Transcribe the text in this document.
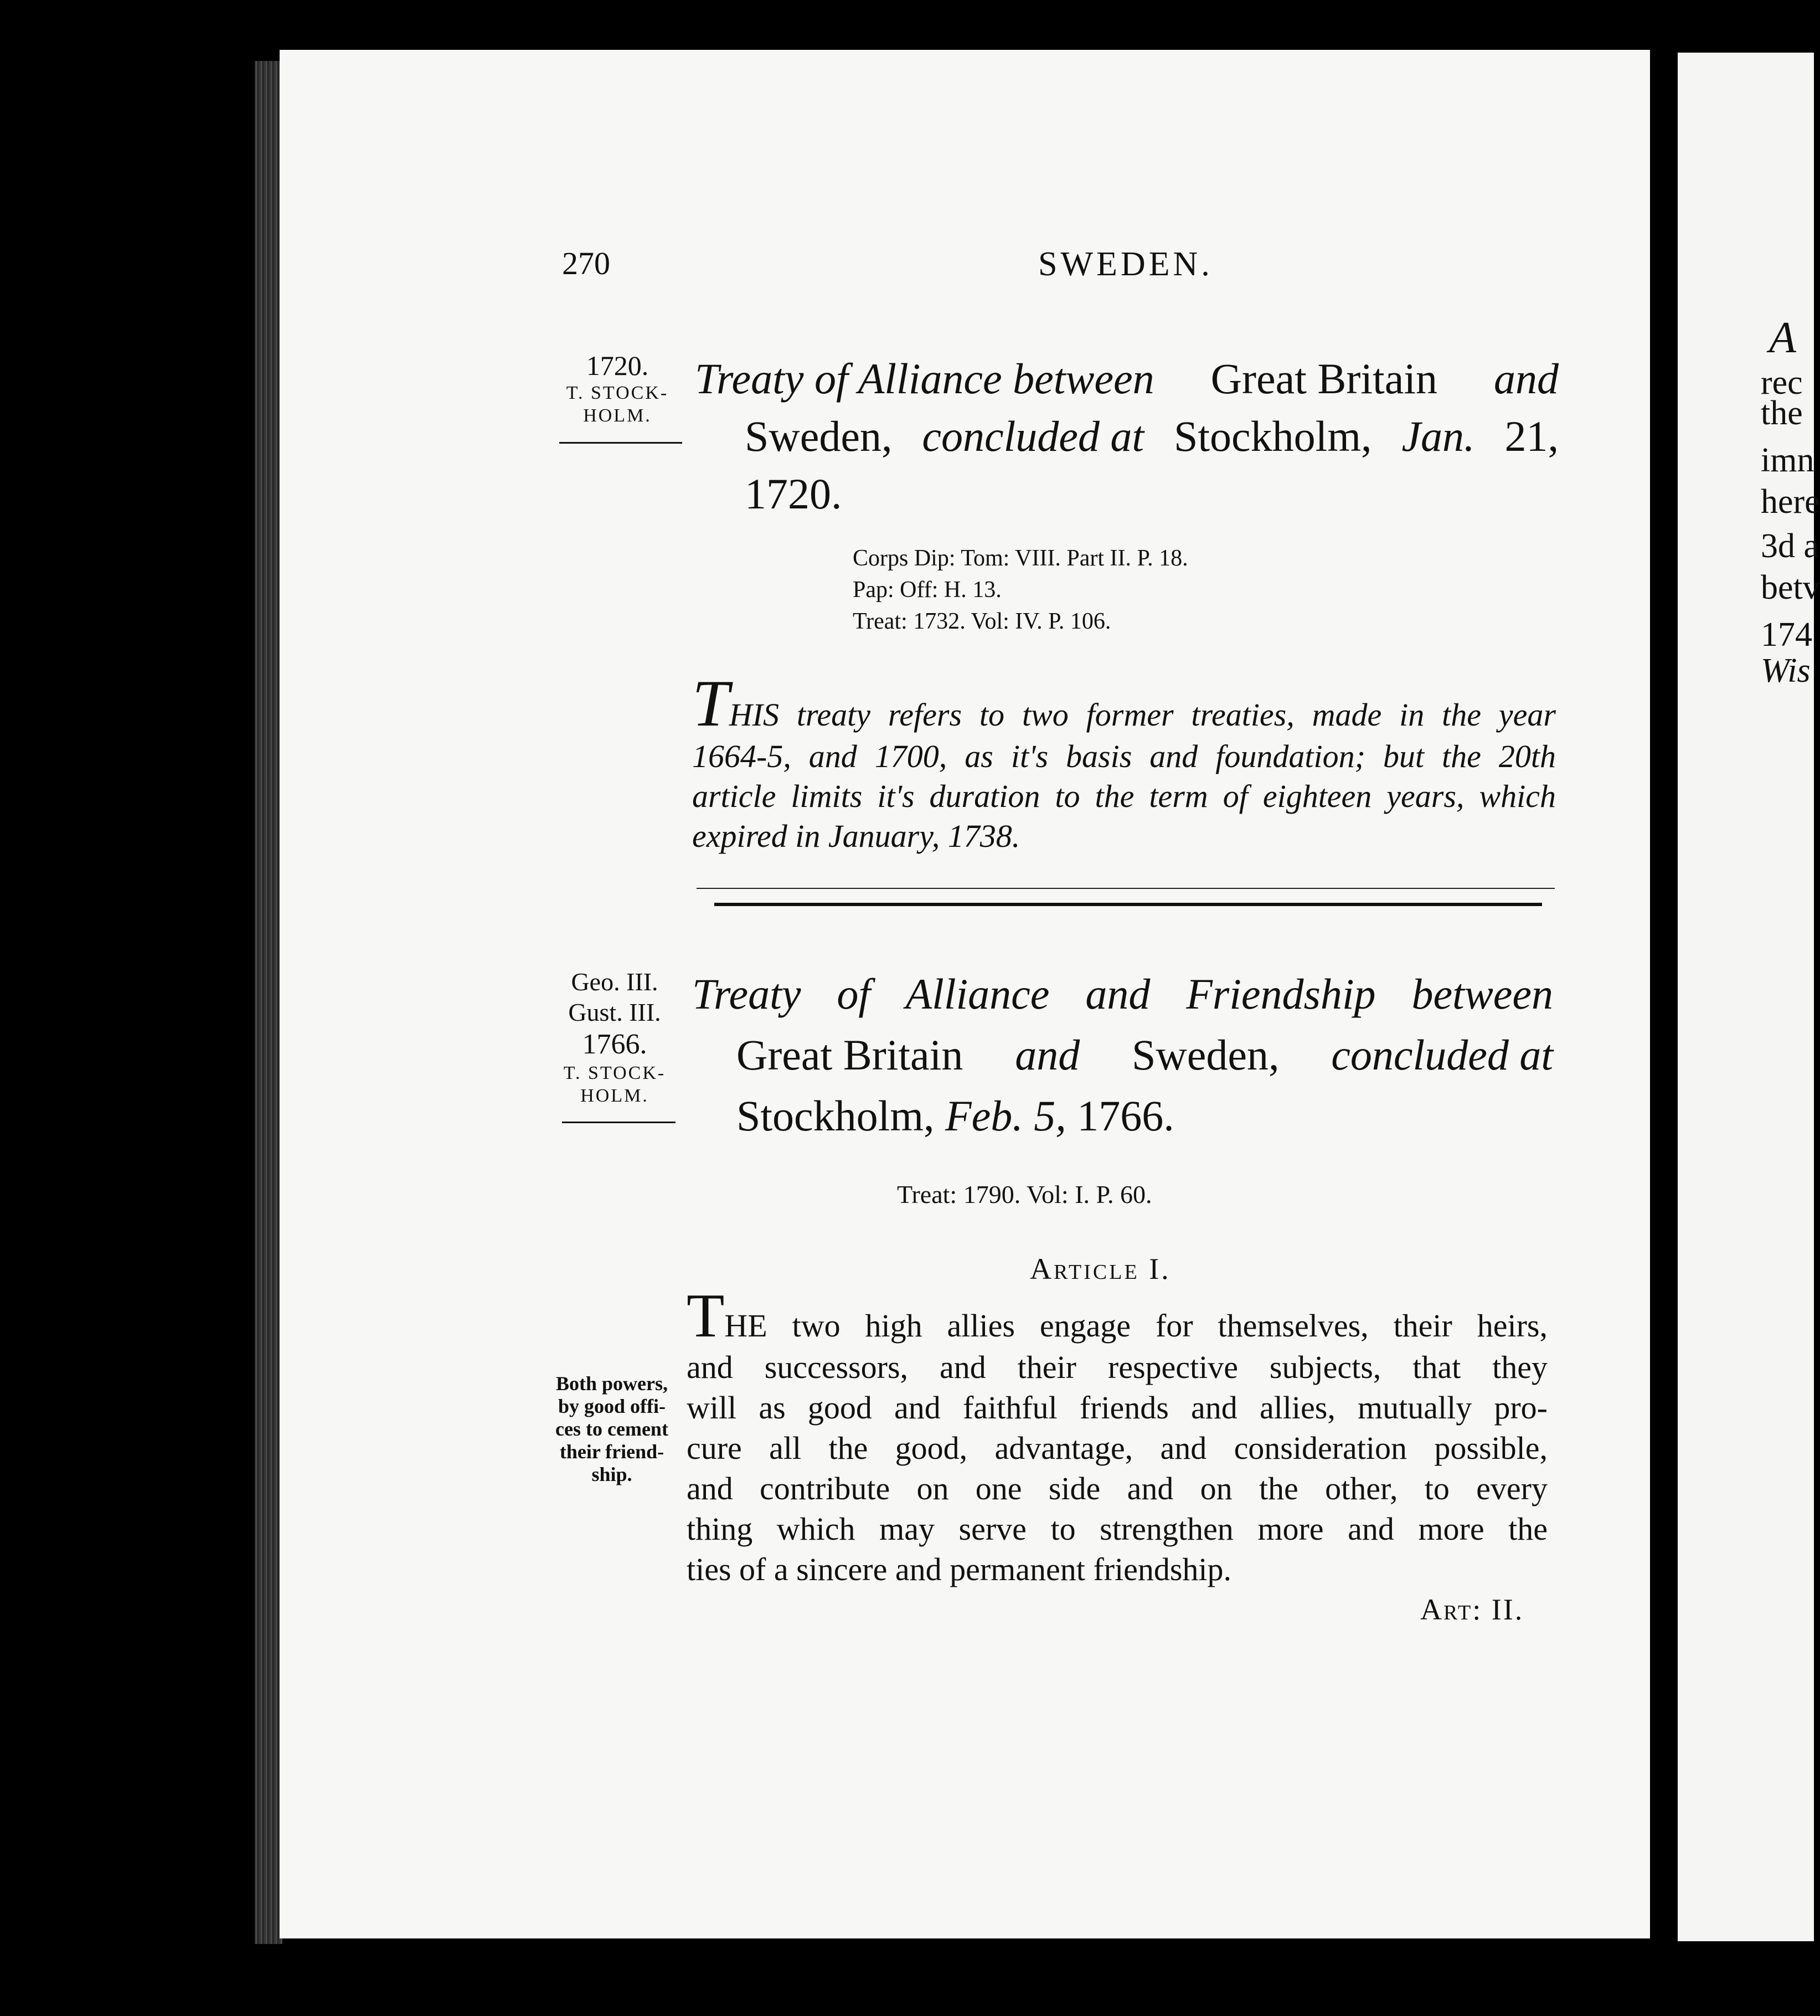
A
rec
the
imn
here
3d a
betv
174
Wis
270	SWEDEN.
1720.
T. STOCK-
HOLM.
Treaty of Alliance between Great Britain and
Sweden, concluded at Stockholm, Jan. 21,
1720.
Corps Dip: Tom: VIII. Part II. P. 18.
Pap: Off: H. 13.
Treat: 1732. Vol: IV. P. 106.
THIS treaty refers to two former treaties, made in the year
1664-5, and 1700, as it's basis and foundation; but the 20th
article limits it's duration to the term of eighteen years, which
expired in January, 1738.
Geo. III.
Gust. III.
1766.
T. STOCK-
HOLM.
Treaty of Alliance and Friendship between
Great Britain and Sweden, concluded at
Stockholm, Feb. 5, 1766.
Treat: 1790. Vol: I. P. 60.
Article I.
THE two high allies engage for themselves, their heirs,
and successors, and their respective subjects, that they
will as good and faithful friends and allies, mutually pro-
cure all the good, advantage, and consideration possible,
and contribute on one side and on the other, to every
thing which may serve to strengthen more and more the
ties of a sincere and permanent friendship.
Both powers,
by good offi-
ces to cement
their friend-
ship.
Art: II.
